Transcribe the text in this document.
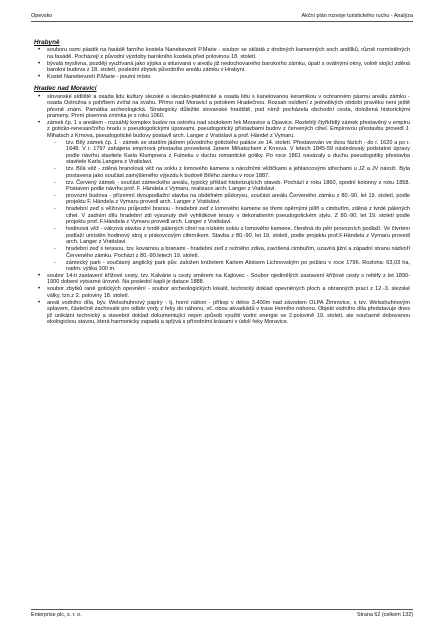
Opevsko	Akční plán rozvoje turistického ruchu - Analýza
Hrabyně
• souboru osmi plastik na fasádě farního kostela Nanebevzetí P.Marie - soubor se skládá z drobných kamenných soch andílků, různě rozmístěných na fasádě. Pocházejí z původní výzdoby barokního kostela před polovinou 18. století.
• bývalá myslivna, později využívaná jako sýpka a situovaná v areálu již nedochovaného barokního zámku, úpatí s oválnými okny, volně stojící zděná barokní budova z 18. století, poslední zbytek původního areálu zámku v Hrabyni.
• Kostel Nanebevzetí P.Marie - poutní místo
Hradec nad Moravicí
• slovanské sídliště a osada lidu kultury slezské a slezsko-platěnické a osada lidu s kanelovanou keramikou v ochranném pásmu areálu zámku - osada Ostrožna s pohřbem zvířat na svahu. Přímo nad Moravicí a potokem Hradečnou. Rozsah osídlení z jednotlivých období pravěku není ještě přesně znám. Památka archeologická. Strategicky důležité slovanské hradiště, pod nímž pocházela obchodní cesta, doložená historickými prameny. První písemná zmínka je z roku 1060.
• zámek čp. 1 s areálem - rozsáhlý komplex budov na ostrohu nad soutokem řek Moravice a Opavice. Rozlehlý čtyřkřídlý zámek přestavěný v empíru z goticko-renesančního hradu s pseudogotickými úpravami, pseudogotický přístavbami budov z červených cihel. Empírovou přestavbu provedl J. Mihatsch z Krnova, pseudogotické budovy postavil arch. Langer z Vratislavi a prof. Händel z Vymaru.
- tzv. Bílý zámek čp. 1 - zámek se starším jádrem původního gotického paláce ze 14. století. Přestavován ve dvou fázích - do r. 1620 a po r. 1648. V r. 1797 zahájena empírová přestavba provedená Janem Mihatschem z Krnova. V letech 1845-59 následovaly podstatné úpravy podle návrhu stavitele Karla Klumpnera z Fulneku v duchu romantické gotiky. Po roce 1861 navázaly u duchu pseudogotiky přestavba stavitele Karla Langera z Vratislavi.
- tzv. Bílá věž - zděná hranolová věž na soklu z lomového kamene s nárožními věžičkami a jehlancovými střechami u JZ a JV nároží. Byla postavena jako součást zamýšleného výjezdu k budově Bílého zámku v roce 1887.
- tzv. Červený zámek - součást zámeckého areálu, typický příklad historizujících staveb. Pochází z roku 1860, spodní kolonny z roku 1858. Postaven podle návrhu prof. F. Händela z Vymaru, realizace arch. Langer z Vratislavi.
- provozní budova - přízemní dvoupodlažní stavba na obdélném půdorysu, součást areálu Červeného zámku z 80.-90. let 19. století, podle projektu F. Händela z Vymaru provedl arch. Langer z Vratislavi.
- hradební zeď s věžovou průjezdní branou - hradební zeď z lomového kamene se třemi opěrnými pilíři s cimbuřím, zděná z tvrdé pálených cihel. V zadním dílu hradební zdi vysunuty dvě vyhlídkové terasy v dekorativním pseudogotickém stylu. Z 80.-90. let 19. století podle projektu prof. F.Händela z Vymaru provedl arch. Langer z Vratislavi.
- hodinová věž - válcová stavba z tvrdě pálených cihel na nízkém soklu z lomového kamene, členěná do pěti provozních podlaží. Ve čtvrtém podlaží umístěn hodinový stroj s pískovcovým ciferníkem. Stavba z 80.-90. let 19. století, podle projektu prof.F.Händela z Vymaru provedl arch. Langer z Vratislavi.
- hradební zeď s terasou, tzv. kovárnou a branami - hradební zeď z režného zdiva, završená cimbuřím, uzavírá jižní a západní stranu nádvoří Červeného zámku. Pochází z 80.-90.letech 19. století.
- zámecký park - součásný anglický park pův. založen knížetem Karlem Aloisem Lichnovským po požáru v roce 1796. Rozloha: 63,03 ha, nadm. výška 300 m.
• soubor 14-ti zastavení křížové cesty, tzv. Kalvárie u cesty směrem na Kajlovec - Soubor ojedinělých zastavení křížové cesty s reliéfy z let 1890-1900 doberé vytvarné úrovně. Na poslední kapli je datace 1888.
• soubor zbytků raně gotických opevnění - soubor archeologických lokalit, technický doklad opevněných ploch a obranných prací z 12.-3. slezské války, tzn.z 2. poloviny 18. století.
• areál vodního díla, býv. Welsshuhnový papíry - tj. horní náhon - příkop v délce 3.400m nad závodem OLPA Žimrovice, s tzv. Welsshuhnovým splavem, částečně zachovalé pro odběr vody z řeky do náhonu, vč. obou akvaduktů v trase Horního náhonu. Objekt vodního díla představuje dnes již unikátní technický a stavební doklad dokumentující nejen způsob využití vodní energie ve 2.polovině 19. století, ale současně dobovanou ekologickou stavou, která harmonicky zapadá a splývá s přírodními krásami v údolí řeky Moravice.
Enterprise plc, s. r. o.	Strana 62 (celkem 132)
